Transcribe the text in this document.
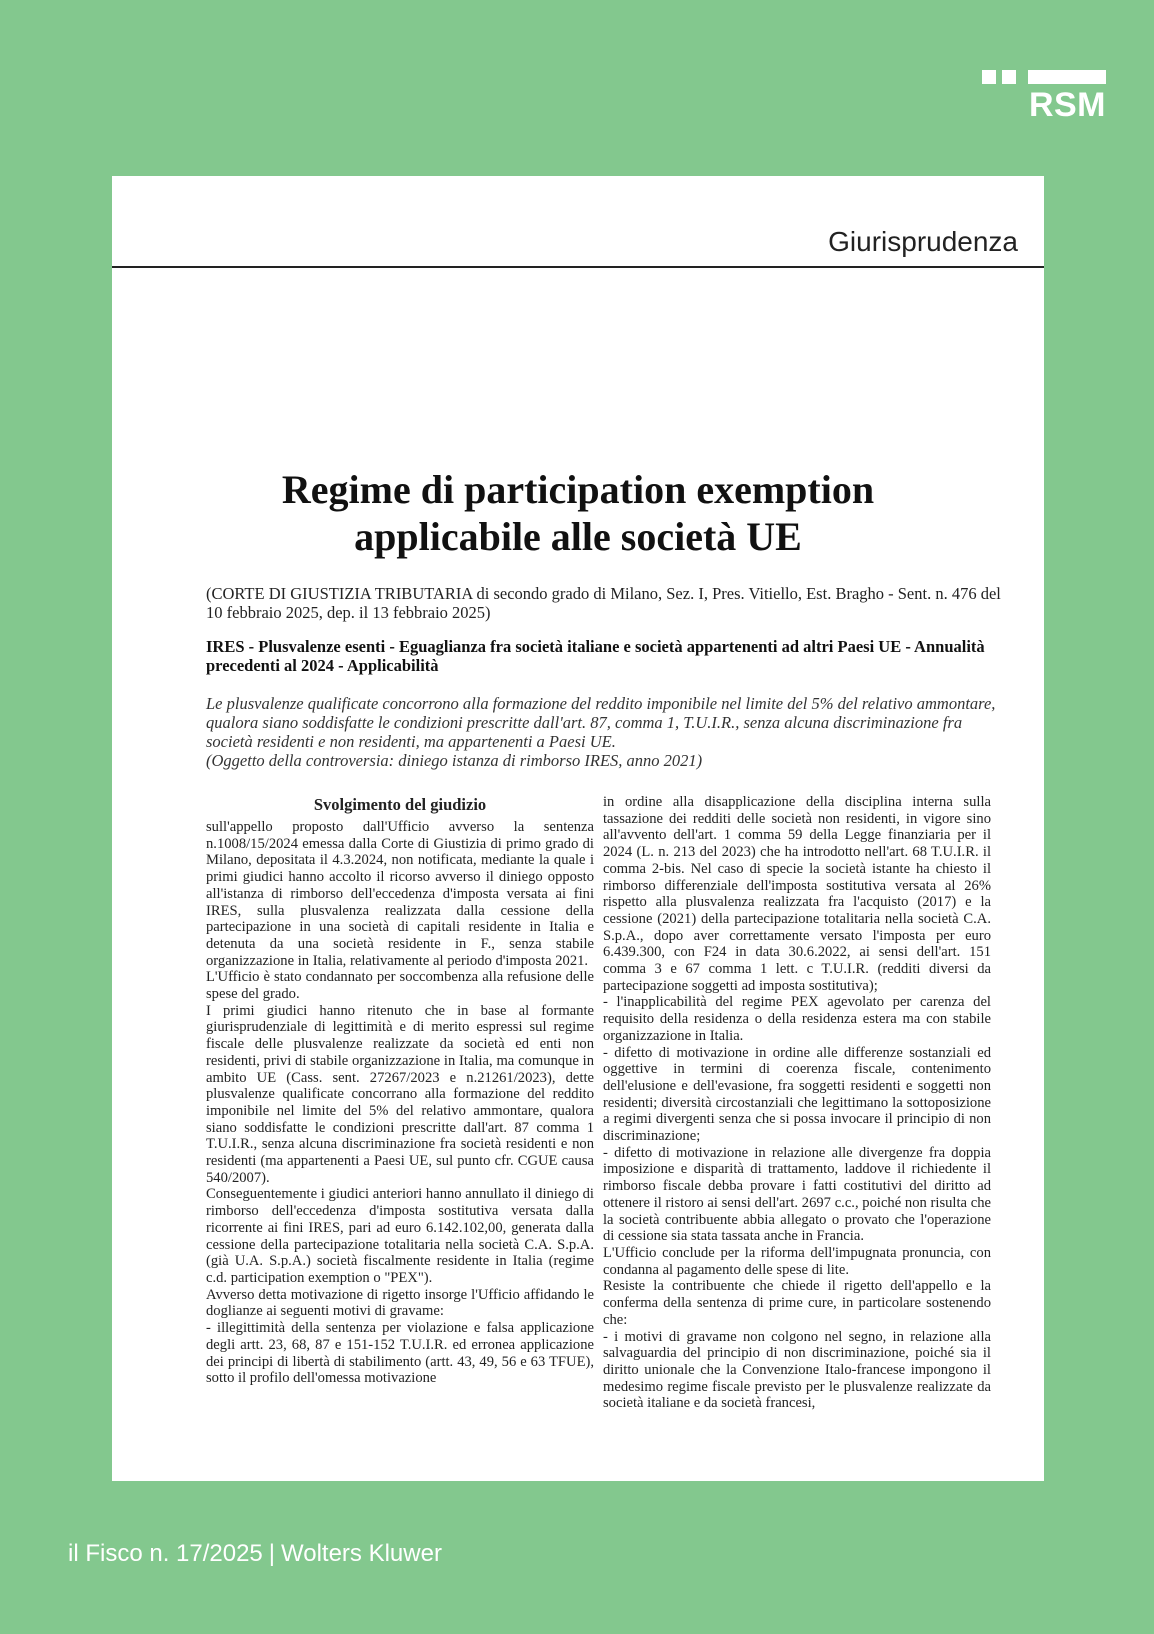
RSM
Giurisprudenza
Regime di participation exemption
applicabile alle società UE
(CORTE DI GIUSTIZIA TRIBUTARIA di secondo grado di Milano, Sez. I, Pres. Vitiello, Est. Bragho - Sent. n. 476 del 10 febbraio 2025, dep. il 13 febbraio 2025)
IRES - Plusvalenze esenti - Eguaglianza fra società italiane e società appartenenti ad altri Paesi UE - Annualità precedenti al 2024 - Applicabilità
Le plusvalenze qualificate concorrono alla formazione del reddito imponibile nel limite del 5% del relativo ammontare, qualora siano soddisfatte le condizioni prescritte dall'art. 87, comma 1, T.U.I.R., senza alcuna discriminazione fra società residenti e non residenti, ma appartenenti a Paesi UE.
(Oggetto della controversia: diniego istanza di rimborso IRES, anno 2021)
Svolgimento del giudizio

sull'appello proposto dall'Ufficio avverso la sentenza n.1008/15/2024 emessa dalla Corte di Giustizia di primo grado di Milano, depositata il 4.3.2024, non notificata, mediante la quale i primi giudici hanno accolto il ricorso avverso il diniego opposto all'istanza di rimborso dell'eccedenza d'imposta versata ai fini IRES, sulla plusvalenza realizzata dalla cessione della partecipazione in una società di capitali residente in Italia e detenuta da una società residente in F., senza stabile organizzazione in Italia, relativamente al periodo d'imposta 2021.

L'Ufficio è stato condannato per soccombenza alla refusione delle spese del grado.

I primi giudici hanno ritenuto che in base al formante giurisprudenziale di legittimità e di merito espressi sul regime fiscale delle plusvalenze realizzate da società ed enti non residenti, privi di stabile organizzazione in Italia, ma comunque in ambito UE (Cass. sent. 27267/2023 e n.21261/2023), dette plusvalenze qualificate concorrano alla formazione del reddito imponibile nel limite del 5% del relativo ammontare, qualora siano soddisfatte le condizioni prescritte dall'art. 87 comma 1 T.U.I.R., senza alcuna discriminazione fra società residenti e non residenti (ma appartenenti a Paesi UE, sul punto cfr. CGUE causa 540/2007).

Conseguentemente i giudici anteriori hanno annullato il diniego di rimborso dell'eccedenza d'imposta sostitutiva versata dalla ricorrente ai fini IRES, pari ad euro 6.142.102,00, generata dalla cessione della partecipazione totalitaria nella società C.A. S.p.A. (già U.A. S.p.A.) società fiscalmente residente in Italia (regime c.d. participation exemption o "PEX").

Avverso detta motivazione di rigetto insorge l'Ufficio affidando le doglianze ai seguenti motivi di gravame:

- illegittimità della sentenza per violazione e falsa applicazione degli artt. 23, 68, 87 e 151-152 T.U.I.R. ed erronea applicazione dei principi di libertà di stabilimento (artt. 43, 49, 56 e 63 TFUE), sotto il profilo dell'omessa motivazione

in ordine alla disapplicazione della disciplina interna sulla tassazione dei redditi delle società non residenti, in vigore sino all'avvento dell'art. 1 comma 59 della Legge finanziaria per il 2024 (L. n. 213 del 2023) che ha introdotto nell'art. 68 T.U.I.R. il comma 2-bis. Nel caso di specie la società istante ha chiesto il rimborso differenziale dell'imposta sostitutiva versata al 26% rispetto alla plusvalenza realizzata fra l'acquisto (2017) e la cessione (2021) della partecipazione totalitaria nella società C.A. S.p.A., dopo aver correttamente versato l'imposta per euro 6.439.300, con F24 in data 30.6.2022, ai sensi dell'art. 151 comma 3 e 67 comma 1 lett. c T.U.I.R. (redditi diversi da partecipazione soggetti ad imposta sostitutiva);

- l'inapplicabilità del regime PEX agevolato per carenza del requisito della residenza o della residenza estera ma con stabile organizzazione in Italia.

- difetto di motivazione in ordine alle differenze sostanziali ed oggettive in termini di coerenza fiscale, contenimento dell'elusione e dell'evasione, fra soggetti residenti e soggetti non residenti; diversità circostanziali che legittimano la sottoposizione a regimi divergenti senza che si possa invocare il principio di non discriminazione;

- difetto di motivazione in relazione alle divergenze fra doppia imposizione e disparità di trattamento, laddove il richiedente il rimborso fiscale debba provare i fatti costitutivi del diritto ad ottenere il ristoro ai sensi dell'art. 2697 c.c., poiché non risulta che la società contribuente abbia allegato o provato che l'operazione di cessione sia stata tassata anche in Francia.

L'Ufficio conclude per la riforma dell'impugnata pronuncia, con condanna al pagamento delle spese di lite.

Resiste la contribuente che chiede il rigetto dell'appello e la conferma della sentenza di prime cure, in particolare sostenendo che:

- i motivi di gravame non colgono nel segno, in relazione alla salvaguardia del principio di non discriminazione, poiché sia il diritto unionale che la Convenzione Italo-francese impongono il medesimo regime fiscale previsto per le plusvalenze realizzate da società italiane e da società francesi,

il Fisco n. 17/2025 | Wolters Kluwer
